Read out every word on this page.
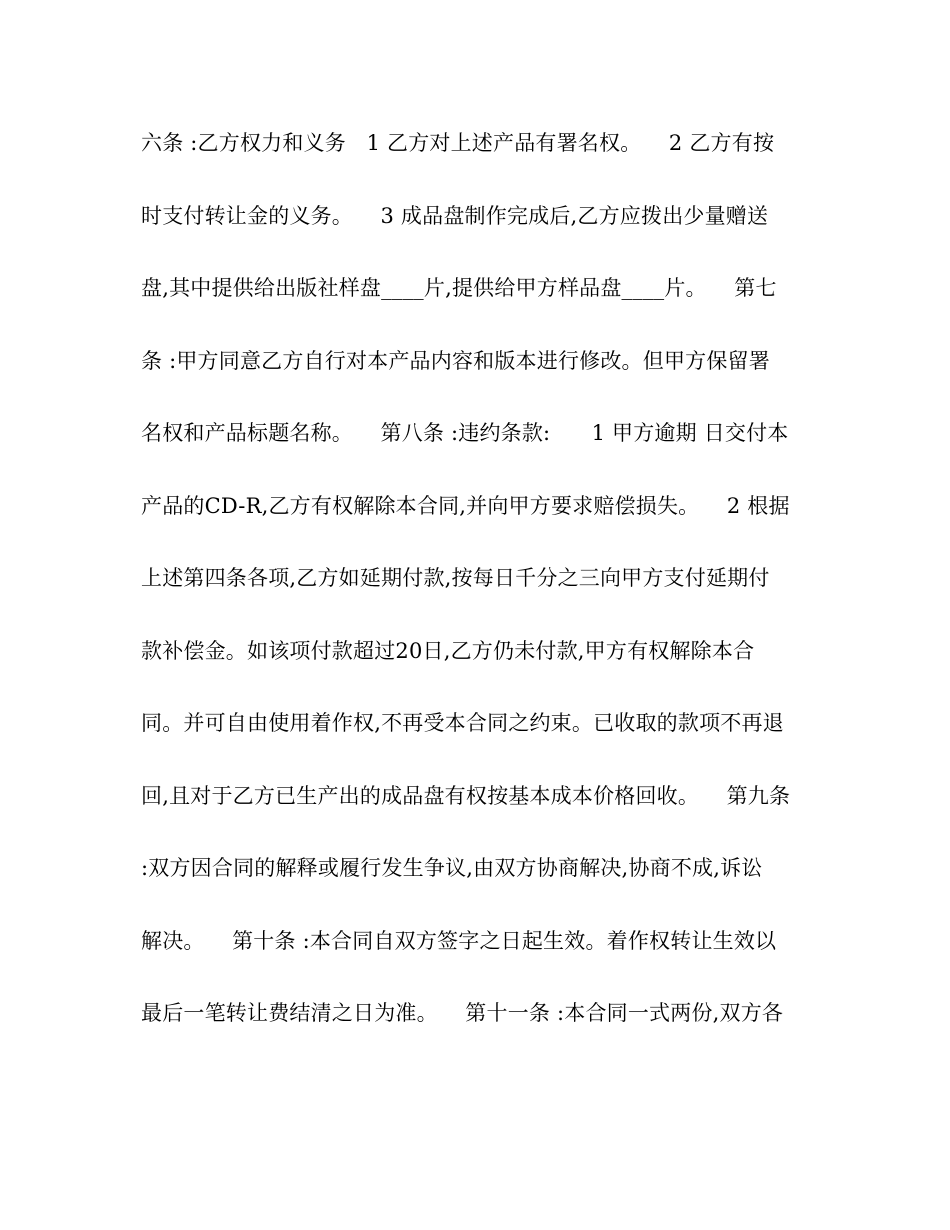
六条 :乙方权力和义务   1 乙方对上述产品有署名权。    2 乙方有按
时支付转让金的义务。    3 成品盘制作完成后,乙方应拨出少量赠送
盘,其中提供给出版社样盘____片,提供给甲方样品盘____片。    第七
条 :甲方同意乙方自行对本产品内容和版本进行修改。但甲方保留署
名权和产品标题名称。    第八条 :违约条款:      1 甲方逾期 日交付本
产品的CD-R,乙方有权解除本合同,并向甲方要求赔偿损失。    2 根据
上述第四条各项,乙方如延期付款,按每日千分之三向甲方支付延期付
款补偿金。如该项付款超过20日,乙方仍未付款,甲方有权解除本合
同。并可自由使用着作权,不再受本合同之约束。已收取的款项不再退
回,且对于乙方已生产出的成品盘有权按基本成本价格回收。    第九条
:双方因合同的解释或履行发生争议,由双方协商解决,协商不成,诉讼
解决。    第十条 :本合同自双方签字之日起生效。着作权转让生效以
最后一笔转让费结清之日为准。    第十一条 :本合同一式两份,双方各
